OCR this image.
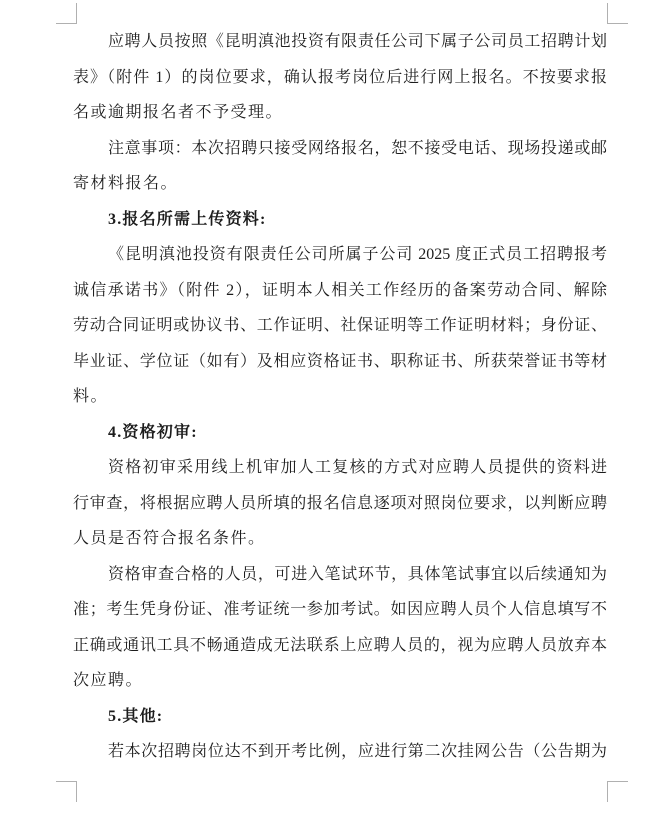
应聘人员按照《昆明滇池投资有限责任公司下属子公司员工招聘计划
表》（附件 1）的岗位要求，确认报考岗位后进行网上报名。不按要求报
名或逾期报名者不予受理。
注意事项：本次招聘只接受网络报名，恕不接受电话、现场投递或邮
寄材料报名。
3.报名所需上传资料:
《昆明滇池投资有限责任公司所属子公司 2025 度正式员工招聘报考
诚信承诺书》（附件 2），证明本人相关工作经历的备案劳动合同、解除
劳动合同证明或协议书、工作证明、社保证明等工作证明材料；身份证、
毕业证、学位证（如有）及相应资格证书、职称证书、所获荣誉证书等材
料。
4.资格初审:
资格初审采用线上机审加人工复核的方式对应聘人员提供的资料进
行审查，将根据应聘人员所填的报名信息逐项对照岗位要求，以判断应聘
人员是否符合报名条件。
资格审查合格的人员，可进入笔试环节，具体笔试事宜以后续通知为
准；考生凭身份证、准考证统一参加考试。如因应聘人员个人信息填写不
正确或通讯工具不畅通造成无法联系上应聘人员的，视为应聘人员放弃本
次应聘。
5.其他:
若本次招聘岗位达不到开考比例，应进行第二次挂网公告（公告期为
